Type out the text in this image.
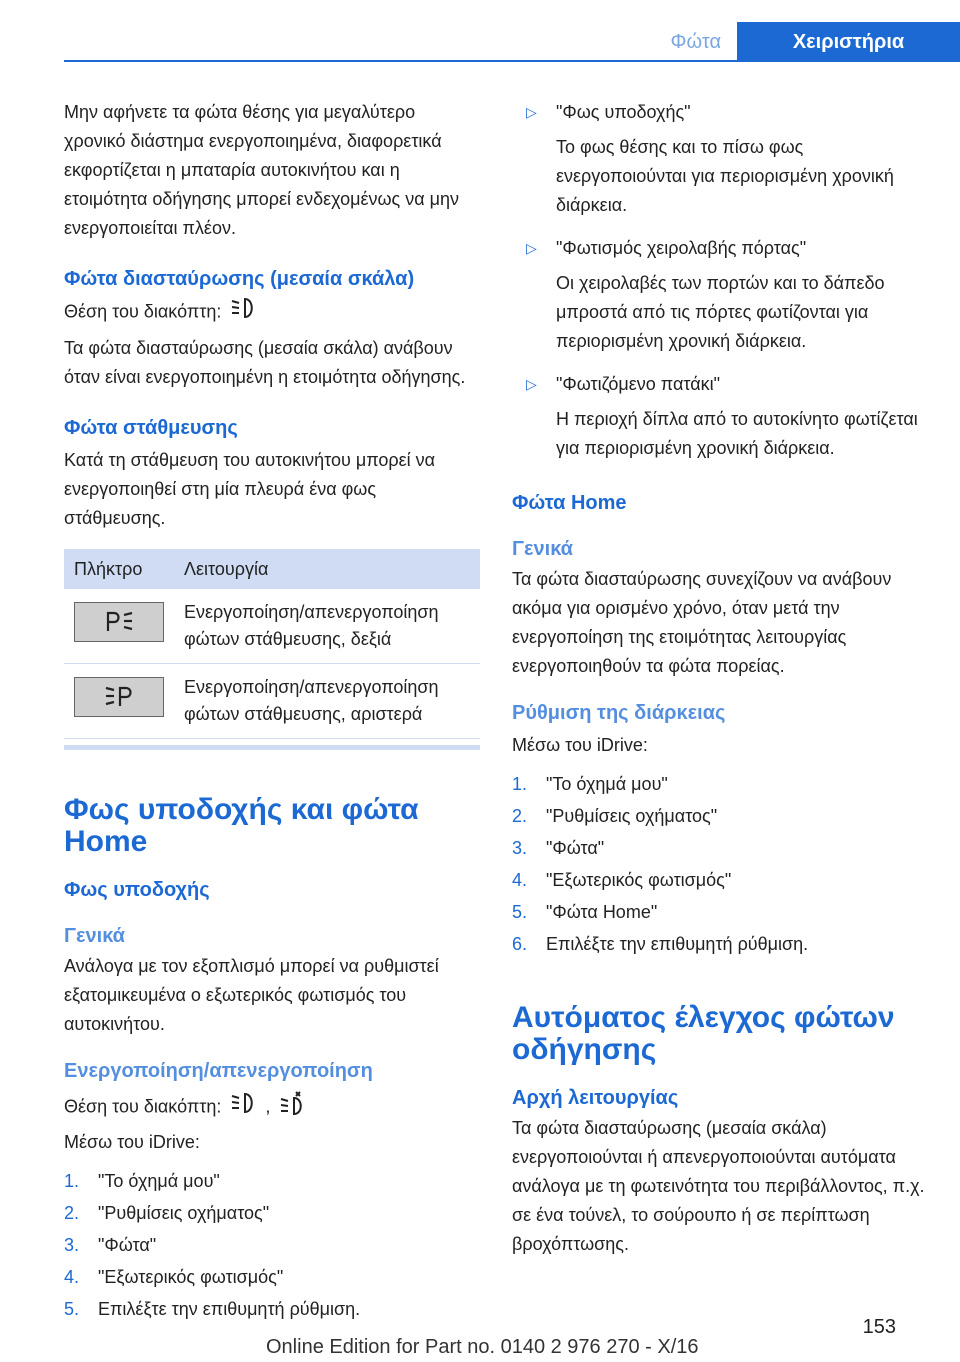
Φώτα	Χειριστήρια

Μην αφήνετε τα φώτα θέσης για μεγαλύτερο χρονικό διάστημα ενεργοποιημένα, διαφορετικά εκφορτίζεται η μπαταρία αυτοκινήτου και η ετοιμότητα οδήγησης μπορεί ενδεχομένως να μην ενεργοποιείται πλέον.

Φώτα διασταύρωσης (μεσαία σκάλα)

Θέση του διακόπτη:

Τα φώτα διασταύρωσης (μεσαία σκάλα) ανάβουν όταν είναι ενεργοποιημένη η ετοιμότητα οδήγησης.

Φώτα στάθμευσης

Κατά τη στάθμευση του αυτοκινήτου μπορεί να ενεργοποιηθεί στη μία πλευρά ένα φως στάθμευσης.

Πλήκτρο	Λειτουργία

	Ενεργοποίηση/απενεργοποίηση φώτων στάθμευσης, δεξιά

	Ενεργοποίηση/απενεργοποίηση φώτων στάθμευσης, αριστερά
Φως υποδοχής και φώτα Home
Φως υποδοχής
Γενικά

Ανάλογα με τον εξοπλισμό μπορεί να ρυθμιστεί εξατομικευμένα ο εξωτερικός φωτισμός του αυτοκινήτου.

Ενεργοποίηση/απενεργοποίηση

Θέση του διακόπτη: ,

Μέσω του iDrive:

1. "Το όχημά μου"
2. "Ρυθμίσεις οχήματος"
3. "Φώτα"
4. "Εξωτερικός φωτισμός"
5. Επιλέξτε την επιθυμητή ρύθμιση.
▷ "Φως υποδοχής"
Το φως θέσης και το πίσω φως ενεργοποιούνται για περιορισμένη χρονική διάρκεια.
▷ "Φωτισμός χειρολαβής πόρτας"
Οι χειρολαβές των πορτών και το δάπεδο μπροστά από τις πόρτες φωτίζονται για περιορισμένη χρονική διάρκεια.
▷ "Φωτιζόμενο πατάκι"
Η περιοχή δίπλα από το αυτοκίνητο φωτίζεται για περιορισμένη χρονική διάρκεια.
Φώτα Home
Γενικά

Τα φώτα διασταύρωσης συνεχίζουν να ανάβουν ακόμα για ορισμένο χρόνο, όταν μετά την ενεργοποίηση της ετοιμότητας λειτουργίας ενεργοποιηθούν τα φώτα πορείας.

Ρύθμιση της διάρκειας

Μέσω του iDrive:

1. "Το όχημά μου"
2. "Ρυθμίσεις οχήματος"
3. "Φώτα"
4. "Εξωτερικός φωτισμός"
5. "Φώτα Home"
6. Επιλέξτε την επιθυμητή ρύθμιση.
Αυτόματος έλεγχος φώτων οδήγησης
Αρχή λειτουργίας

Τα φώτα διασταύρωσης (μεσαία σκάλα) ενεργοποιούνται ή απενεργοποιούνται αυτόματα ανάλογα με τη φωτεινότητα του περιβάλλοντος, π.χ. σε ένα τούνελ, το σούρουπο ή σε περίπτωση βροχόπτωσης.

153
Online Edition for Part no. 0140 2 976 270 - X/16
